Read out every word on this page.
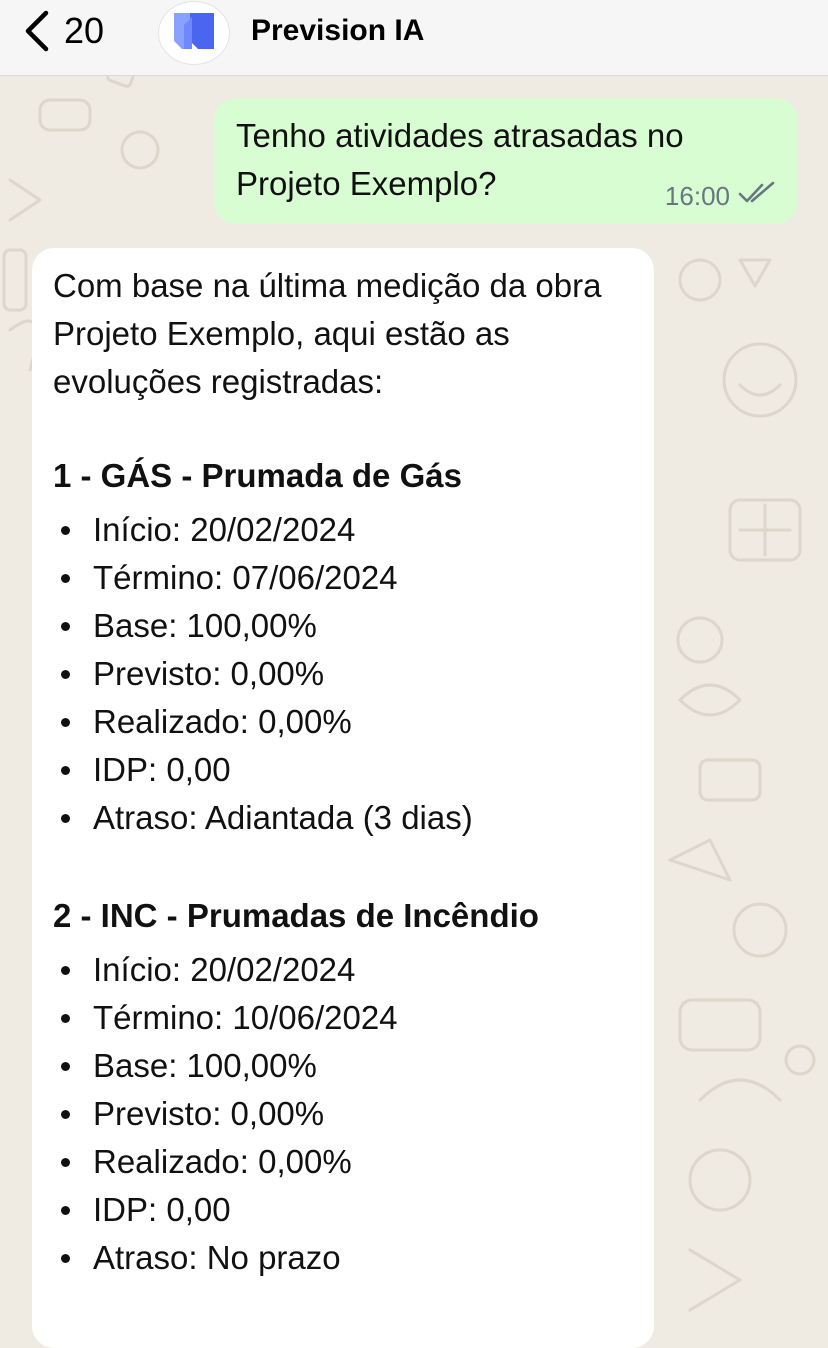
20	Prevision IA
Tenho atividades atrasadas no Projeto Exemplo?	16:00

Com base na última medição da obra Projeto Exemplo, aqui estão as evoluções registradas:

1 - GÁS - Prumada de Gás
Início: 20/02/2024
Término: 07/06/2024
Base: 100,00%
Previsto: 0,00%
Realizado: 0,00%
IDP: 0,00
Atraso: Adiantada (3 dias)
2 - INC - Prumadas de Incêndio
Início: 20/02/2024
Término: 10/06/2024
Base: 100,00%
Previsto: 0,00%
Realizado: 0,00%
IDP: 0,00
Atraso: No prazo
